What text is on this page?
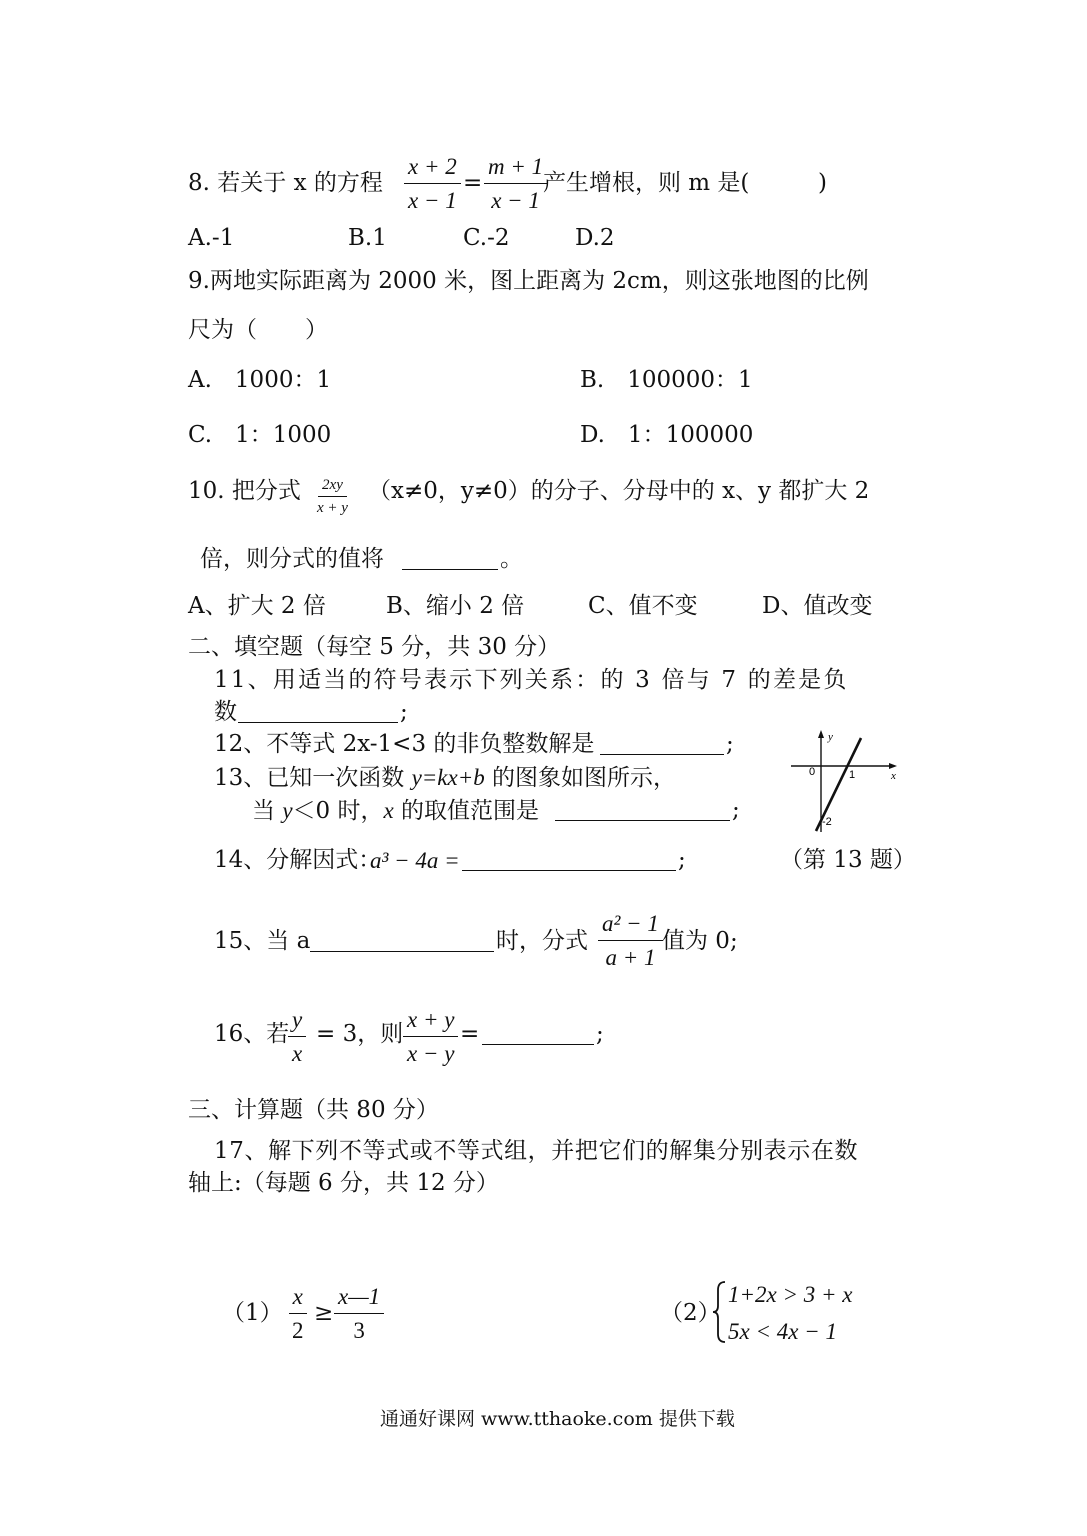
8. 若关于 x 的方程 $\frac{x + 2}{x - 1} = \frac{m + 1}{x - 1}$
产生增根，则 m 是(	)
A.-1	B.1	C.-2	D.2
9.两地实际距离为 2000 米，图上距离为 2cm，则这张地图的比例
尺为（ ）
A.　1000：1	B.　100000：1
C.　1：1000	D.　1：100000
10. 把分式 $\frac{2xy}{x + y} (x\ne 0$，y≠0）的分子、分母中的 x、y 都扩大 2
倍，则分式的值将	。
A、扩大 2 倍	B、缩小 2 倍	C、值不变	D、值改变
二、填空题（每空 5 分，共 30 分）
11、用适当的符号表示下列关系：的 3 倍与 7 的差是负
数	;
12、不等式 2x-1<3 的非负整数解是	;
13、已知一次函数 y=kx+b 的图象如图所示，
当 y＜0 时，x 的取值范围是	;
y
x
0	1
-2
14、分解因式：
a³ − 4a =	;	（第 13 题）
15、当 a	时，分式 $\frac{\text{a² − 1}}{a + 1}$ 值为 0;
16、若
$\frac{y}{x} = 3$，则 $\frac{x + y}{x - y}$ =	;
三、计算题（共 80 分）
17、解下列不等式或不等式组，并把它们的解集分别表示在数
轴上:（每题 6 分，共 12 分）
$(1) \frac{x}{2} \ge \frac{x—1}{3}$	（2）
1+2x > 3 + x
5x < 4x − 1
通通好课网 www.tthaoke.com 提供下载
